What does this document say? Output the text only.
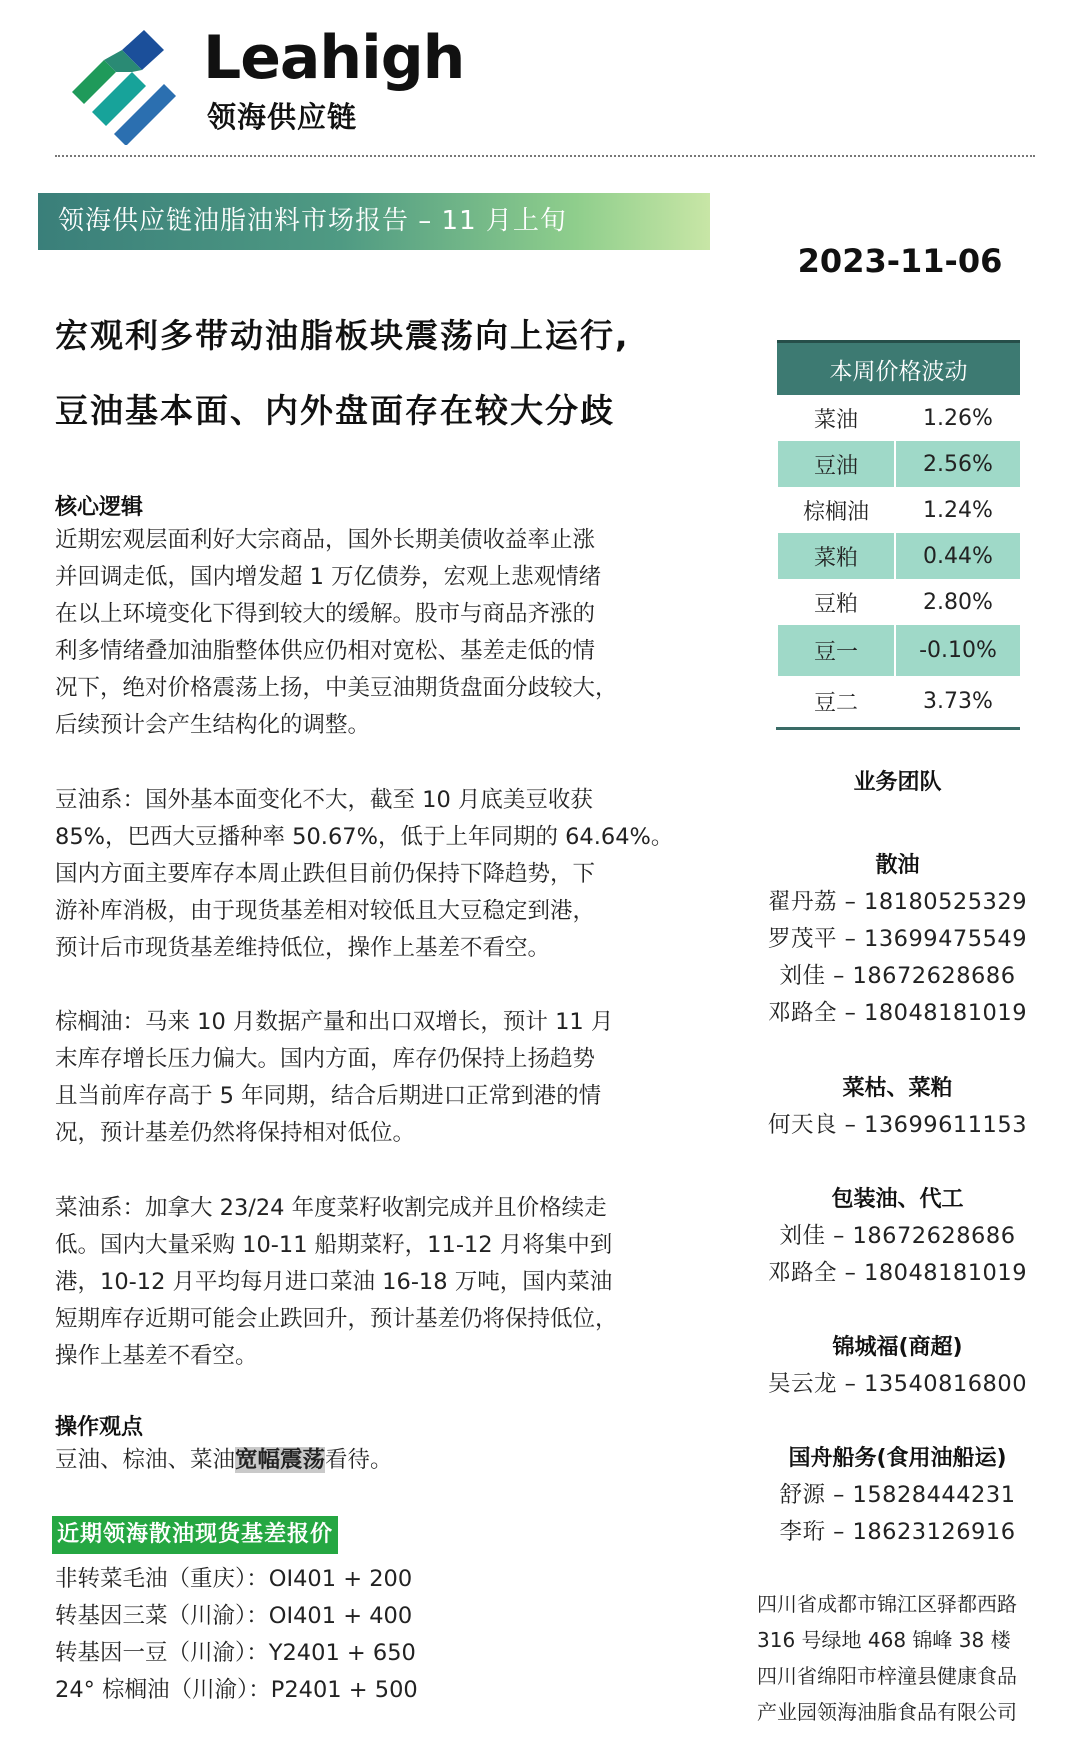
Leahigh
领海供应链
领海供应链油脂油料市场报告 – 11 月上旬
2023-11-06
宏观利多带动油脂板块震荡向上运行,
豆油基本面、内外盘面存在较大分歧
核心逻辑
近期宏观层面利好大宗商品，国外长期美债收益率止涨
并回调走低，国内增发超 1 万亿债券，宏观上悲观情绪
在以上环境变化下得到较大的缓解。股市与商品齐涨的
利多情绪叠加油脂整体供应仍相对宽松、基差走低的情
况下，绝对价格震荡上扬，中美豆油期货盘面分歧较大，
后续预计会产生结构化的调整。
豆油系：国外基本面变化不大，截至 10 月底美豆收获
85%，巴西大豆播种率 50.67%，低于上年同期的 64.64%。
国内方面主要库存本周止跌但目前仍保持下降趋势，下
游补库消极，由于现货基差相对较低且大豆稳定到港，
预计后市现货基差维持低位，操作上基差不看空。
棕榈油：马来 10 月数据产量和出口双增长，预计 11 月
末库存增长压力偏大。国内方面，库存仍保持上扬趋势
且当前库存高于 5 年同期，结合后期进口正常到港的情
况，预计基差仍然将保持相对低位。
菜油系：加拿大 23/24 年度菜籽收割完成并且价格续走
低。国内大量采购 10-11 船期菜籽，11-12 月将集中到
港，10-12 月平均每月进口菜油 16-18 万吨，国内菜油
短期库存近期可能会止跌回升，预计基差仍将保持低位，
操作上基差不看空。
操作观点
豆油、棕油、菜油宽幅震荡看待。
近期领海散油现货基差报价
非转菜毛油（重庆）：OI401 + 200
转基因三菜（川渝）：OI401 + 400
转基因一豆（川渝）：Y2401 + 650
24° 棕榈油（川渝）：P2401 + 500
本周价格波动	
菜油	1.26%
豆油	2.56%
棕榈油	1.24%
菜粕	0.44%
豆粕	2.80%
豆一	-0.10%
豆二	3.73%
业务团队
散油
翟丹荔 – 18180525329
罗茂平 – 13699475549
刘佳 – 18672628686
邓路全 – 18048181019
菜枯、菜粕
何天良 – 13699611153
包装油、代工
刘佳 – 18672628686
邓路全 – 18048181019
锦城福(商超)
吴云龙 – 13540816800
国舟船务(食用油船运)
舒源 – 15828444231
李珩 – 18623126916
四川省成都市锦江区驿都西路
316 号绿地 468 锦峰 38 楼
四川省绵阳市梓潼县健康食品
产业园领海油脂食品有限公司
